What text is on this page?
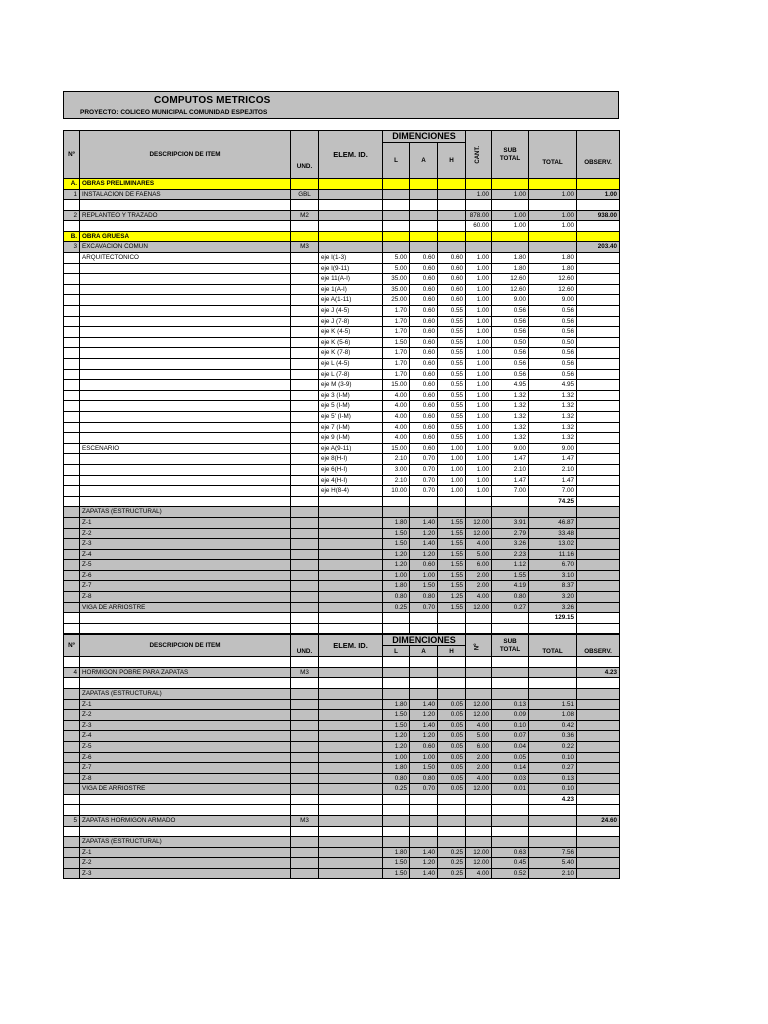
COMPUTOS METRICOS
PROYECTO: COLICEO MUNICIPAL COMUNIDAD ESPEJITOS
Nº	DESCRIPCION DE ITEM	UND.	ELEM. ID.	DIMENCIONES			CANT.	SUB
TOTAL	TOTAL	OBSERV.
				L	A	H				
A.	OBRAS PRELIMINARES									
1	INSTALACION DE FAENAS	GBL					1.00	1.00	1.00	1.00

2	REPLANTEO Y TRAZADO	M2					878.00	1.00	1.00	938.00
							60.00	1.00	1.00	
B.	OBRA GRUESA									
3	EXCAVACION COMUN	M3								203.40
	ARQUITECTONICO		eje I(1-3)	5.00	0.60	0.60	1.00	1.80	1.80	
			eje I(9-11)	5.00	0.60	0.60	1.00	1.80	1.80	
			eje 11(A-I)	35.00	0.60	0.60	1.00	12.60	12.60	
			eje 1(A-I)	35.00	0.60	0.60	1.00	12.60	12.60	
			eje A(1-11)	25.00	0.60	0.60	1.00	9.00	9.00	
			eje J (4-5)	1.70	0.60	0.55	1.00	0.56	0.56	
			eje J (7-8)	1.70	0.60	0.55	1.00	0.56	0.56	
			eje K (4-5)	1.70	0.60	0.55	1.00	0.56	0.56	
			eje K (5-6)	1.50	0.60	0.55	1.00	0.50	0.50	
			eje K (7-8)	1.70	0.60	0.55	1.00	0.56	0.56	
			eje L (4-5)	1.70	0.60	0.55	1.00	0.56	0.56	
			eje L (7-8)	1.70	0.60	0.55	1.00	0.56	0.56	
			eje M (3-9)	15.00	0.60	0.55	1.00	4.95	4.95	
			eje 3 (I-M)	4.00	0.60	0.55	1.00	1.32	1.32	
			eje 5 (I-M)	4.00	0.60	0.55	1.00	1.32	1.32	
			eje 5' (I-M)	4.00	0.60	0.55	1.00	1.32	1.32	
			eje 7 (I-M)	4.00	0.60	0.55	1.00	1.32	1.32	
			eje 9 (I-M)	4.00	0.60	0.55	1.00	1.32	1.32	
	ESCENARIO		eje A(9-11)	15.00	0.60	1.00	1.00	9.00	9.00	
			eje 8(H-I)	2.10	0.70	1.00	1.00	1.47	1.47	
			eje 6(H-I)	3.00	0.70	1.00	1.00	2.10	2.10	
			eje 4(H-I)	2.10	0.70	1.00	1.00	1.47	1.47	
			eje H(8-4)	10.00	0.70	1.00	1.00	7.00	7.00	
									74.25	
	ZAPATAS (ESTRUCTURAL)									
	Z-1			1.80	1.40	1.55	12.00	3.91	46.87	
	Z-2			1.50	1.20	1.55	12.00	2.79	33.48	
	Z-3			1.50	1.40	1.55	4.00	3.26	13.02	
	Z-4			1.20	1.20	1.55	5.00	2.23	11.16	
	Z-5			1.20	0.60	1.55	6.00	1.12	6.70	
	Z-6			1.00	1.00	1.55	2.00	1.55	3.10	
	Z-7			1.80	1.50	1.55	2.00	4.19	8.37	
	Z-8			0.80	0.80	1.25	4.00	0.80	3.20	
	VIGA DE ARRIOSTRE			0.25	0.70	1.55	12.00	0.27	3.26	
									129.15	

Nº	DESCRIPCION DE ITEM	UND.	ELEM. ID.	DIMENCIONES			Nº	SUB
TOTAL	TOTAL	OBSERV.
				L	A	H				

4	HORMIGON POBRE PARA ZAPATAS	M3								4.23

	ZAPATAS (ESTRUCTURAL)									
	Z-1			1.80	1.40	0.05	12.00	0.13	1.51	
	Z-2			1.50	1.20	0.05	12.00	0.09	1.08	
	Z-3			1.50	1.40	0.05	4.00	0.10	0.42	
	Z-4			1.20	1.20	0.05	5.00	0.07	0.36	
	Z-5			1.20	0.60	0.05	6.00	0.04	0.22	
	Z-6			1.00	1.00	0.05	2.00	0.05	0.10	
	Z-7			1.80	1.50	0.05	2.00	0.14	0.27	
	Z-8			0.80	0.80	0.05	4.00	0.03	0.13	
	VIGA DE ARRIOSTRE			0.25	0.70	0.05	12.00	0.01	0.10	
									4.23	

5	ZAPATAS HORMIGON ARMADO	M3								24.60

	ZAPATAS (ESTRUCTURAL)									
	Z-1			1.80	1.40	0.25	12.00	0.63	7.56	
	Z-2			1.50	1.20	0.25	12.00	0.45	5.40	
	Z-3			1.50	1.40	0.25	4.00	0.52	2.10	
